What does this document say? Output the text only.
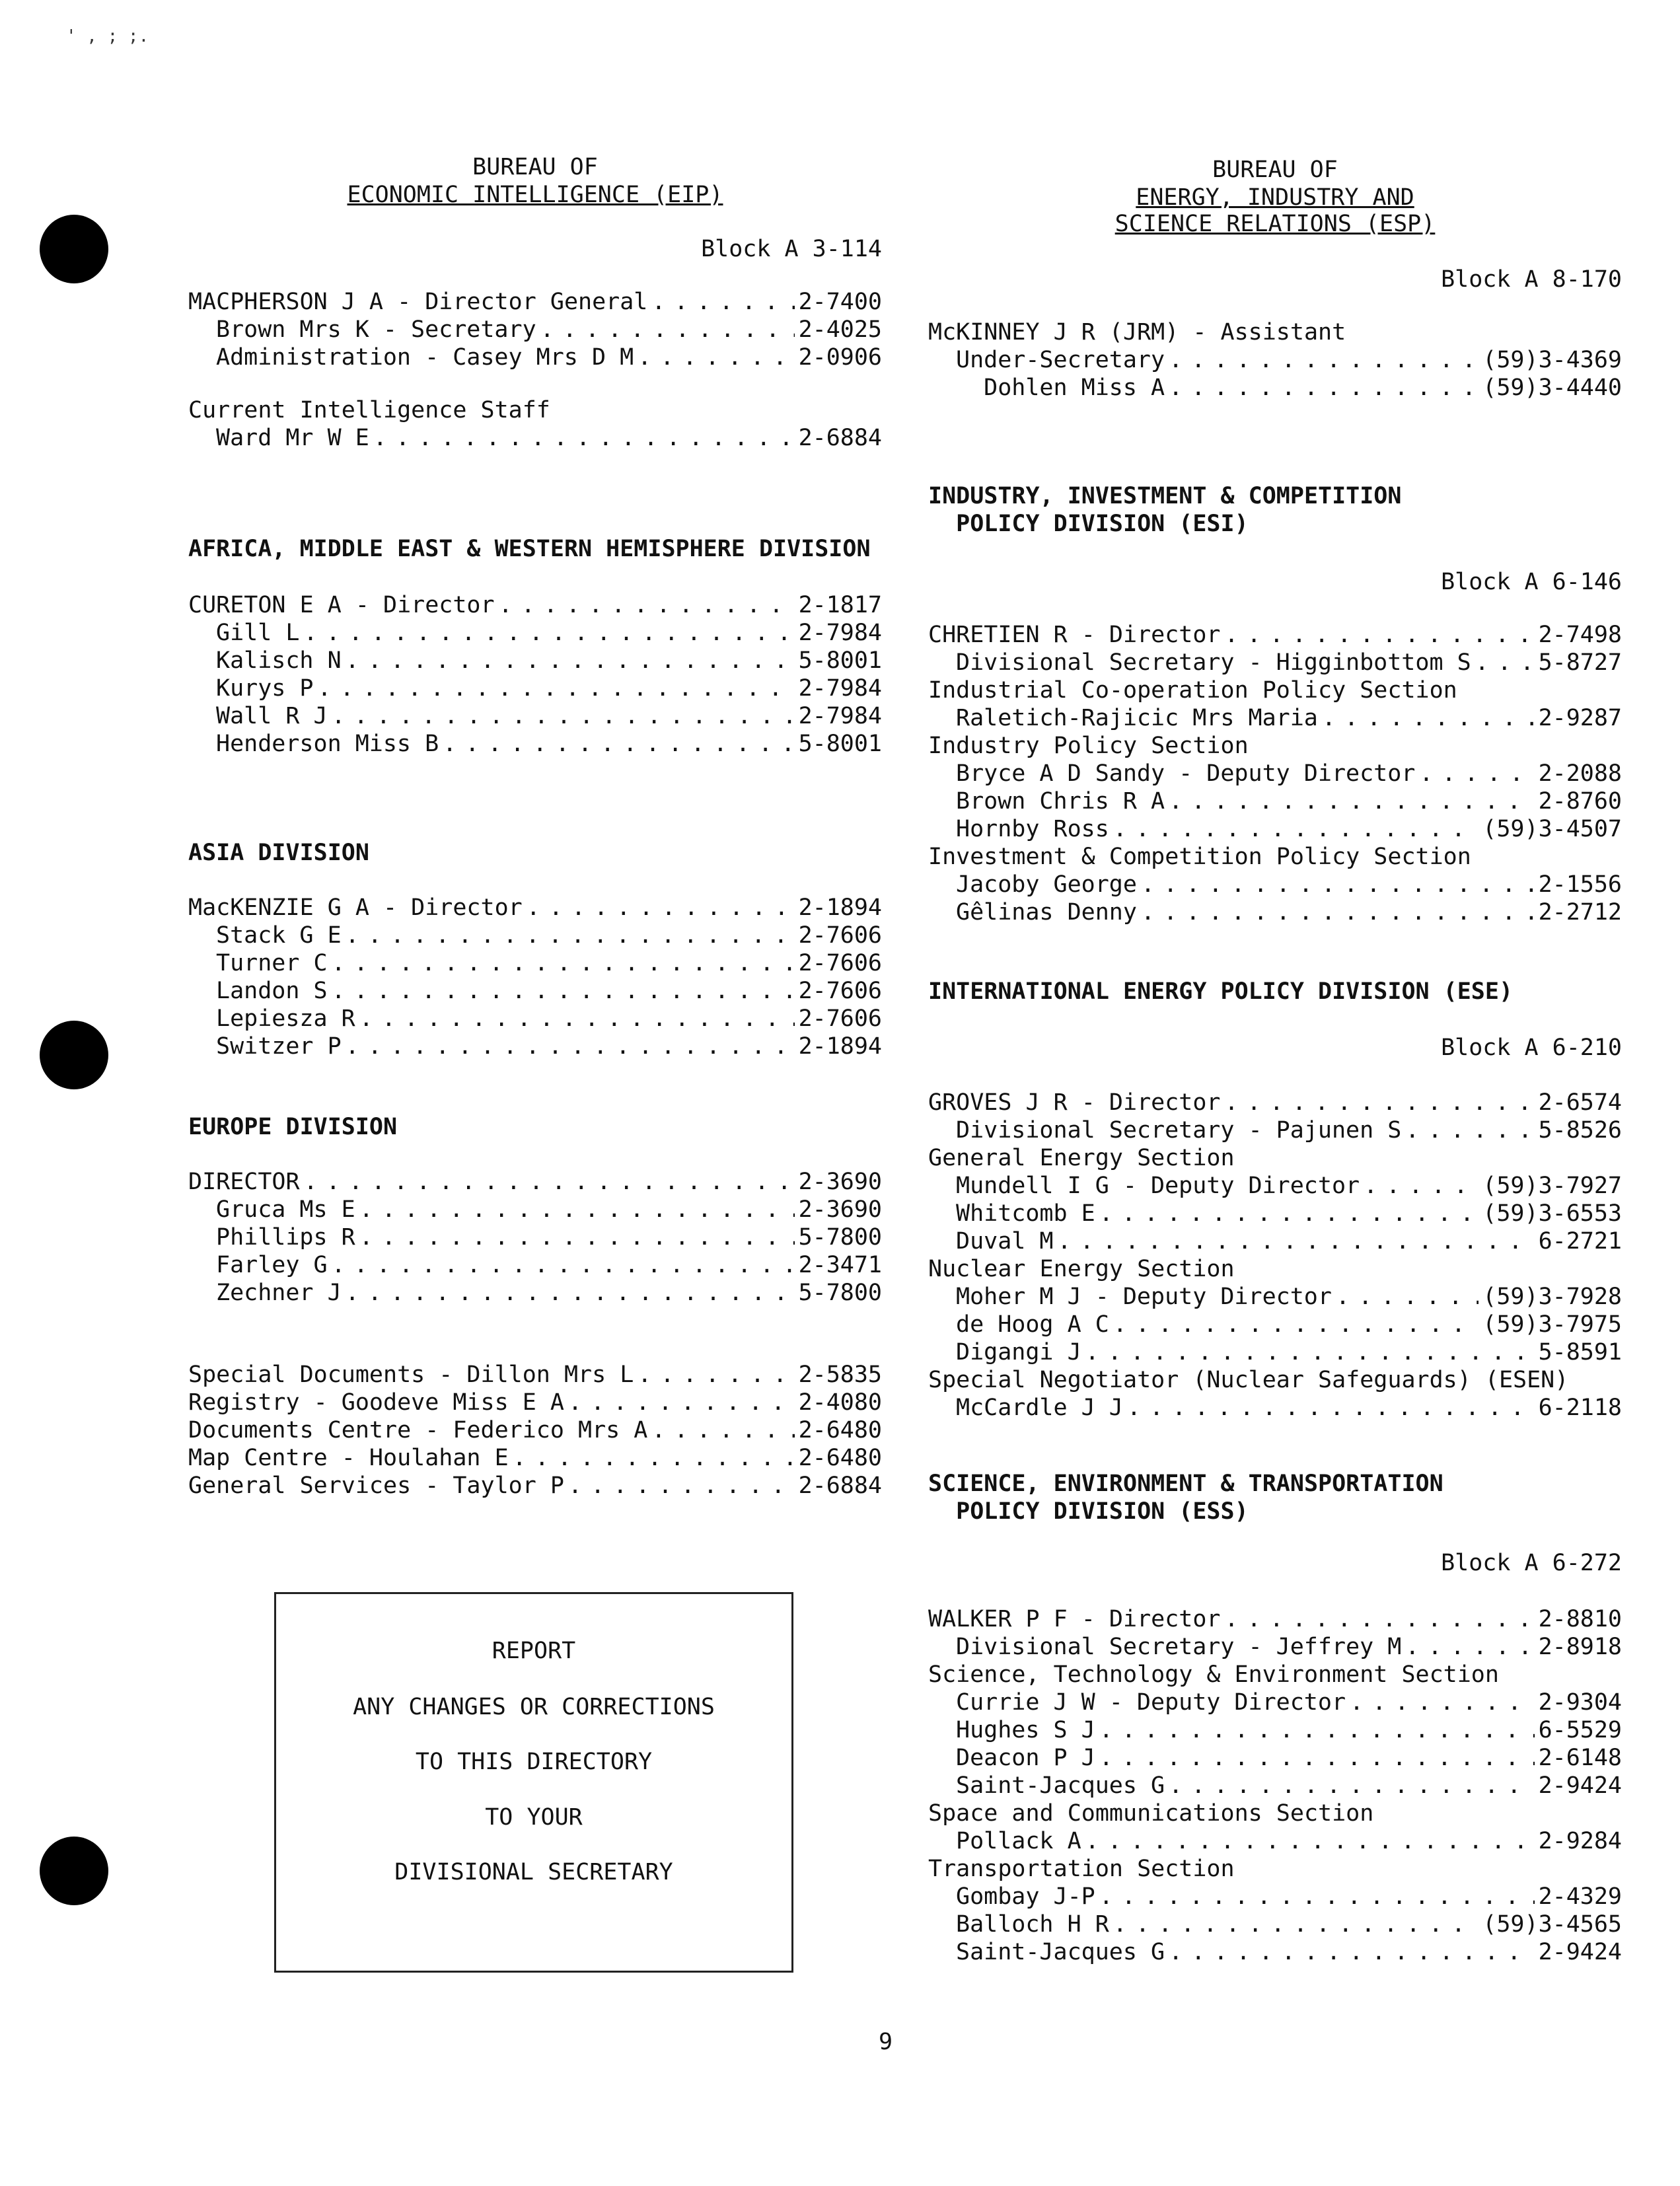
' , ; ;.
BUREAU OF
ECONOMIC INTELLIGENCE (EIP)
Block A 3-114
MACPHERSON J A - Director General . . .	2-7400
Brown Mrs K - Secretary . . .	2-4025
Administration - Casey Mrs D M . . .	2-0906
Current Intelligence Staff
Ward Mr W E . . .	2-6884
AFRICA, MIDDLE EAST & WESTERN HEMISPHERE DIVISION
CURETON E A - Director . . .	2-1817
Gill L . . .	2-7984
Kalisch N . . .	5-8001
Kurys P . . .	2-7984
Wall R J . . .	2-7984
Henderson Miss B . . .	5-8001
ASIA DIVISION
MacKENZIE G A - Director . . .	2-1894
Stack G E . . .	2-7606
Turner C . . .	2-7606
Landon S . . .	2-7606
Lepiesza R . . .	2-7606
Switzer P . . .	2-1894
EUROPE DIVISION
DIRECTOR . . .	2-3690
Gruca Ms E . . .	2-3690
Phillips R . . .	5-7800
Farley G . . .	2-3471
Zechner J . . .	5-7800
Special Documents - Dillon Mrs L . . .	2-5835
Registry - Goodeve Miss E A . . .	2-4080
Documents Centre - Federico Mrs A . . .	2-6480
Map Centre - Houlahan E . . .	2-6480
General Services - Taylor P . . .	2-6884
REPORT
ANY CHANGES OR CORRECTIONS
TO THIS DIRECTORY
TO YOUR
DIVISIONAL SECRETARY
BUREAU OF
ENERGY, INDUSTRY AND
SCIENCE RELATIONS (ESP)
Block A 8-170
McKINNEY J R (JRM) - Assistant
Under-Secretary . . .	(59)3-4369
Dohlen Miss A . . .	(59)3-4440
INDUSTRY, INVESTMENT & COMPETITION
POLICY DIVISION (ESI)
Block A 6-146
CHRETIEN R - Director . . .	2-7498
Divisional Secretary - Higginbottom S . . .	5-8727
Industrial Co-operation Policy Section
Raletich-Rajicic Mrs Maria . . .	2-9287
Industry Policy Section
Bryce A D Sandy - Deputy Director . . .	2-2088
Brown Chris R A . . .	2-8760
Hornby Ross . . .	(59)3-4507
Investment & Competition Policy Section
Jacoby George . . .	2-1556
Gêlinas Denny . . .	2-2712
INTERNATIONAL ENERGY POLICY DIVISION (ESE)
Block A 6-210
GROVES J R - Director . . .	2-6574
Divisional Secretary - Pajunen S . . .	5-8526
General Energy Section
Mundell I G - Deputy Director . . .	(59)3-7927
Whitcomb E . . .	(59)3-6553
Duval M . . .	6-2721
Nuclear Energy Section
Moher M J - Deputy Director . . .	(59)3-7928
de Hoog A C . . .	(59)3-7975
Digangi J . . .	5-8591
Special Negotiator (Nuclear Safeguards) (ESEN)
McCardle J J . . .	6-2118
SCIENCE, ENVIRONMENT & TRANSPORTATION
POLICY DIVISION (ESS)
Block A 6-272
WALKER P F - Director . . .	2-8810
Divisional Secretary - Jeffrey M . . .	2-8918
Science, Technology & Environment Section
Currie J W - Deputy Director . . .	2-9304
Hughes S J . . .	6-5529
Deacon P J . . .	2-6148
Saint-Jacques G . . .	2-9424
Space and Communications Section
Pollack A . . .	2-9284
Transportation Section
Gombay J-P . . .	2-4329
Balloch H R . . .	(59)3-4565
Saint-Jacques G . . .	2-9424
9
